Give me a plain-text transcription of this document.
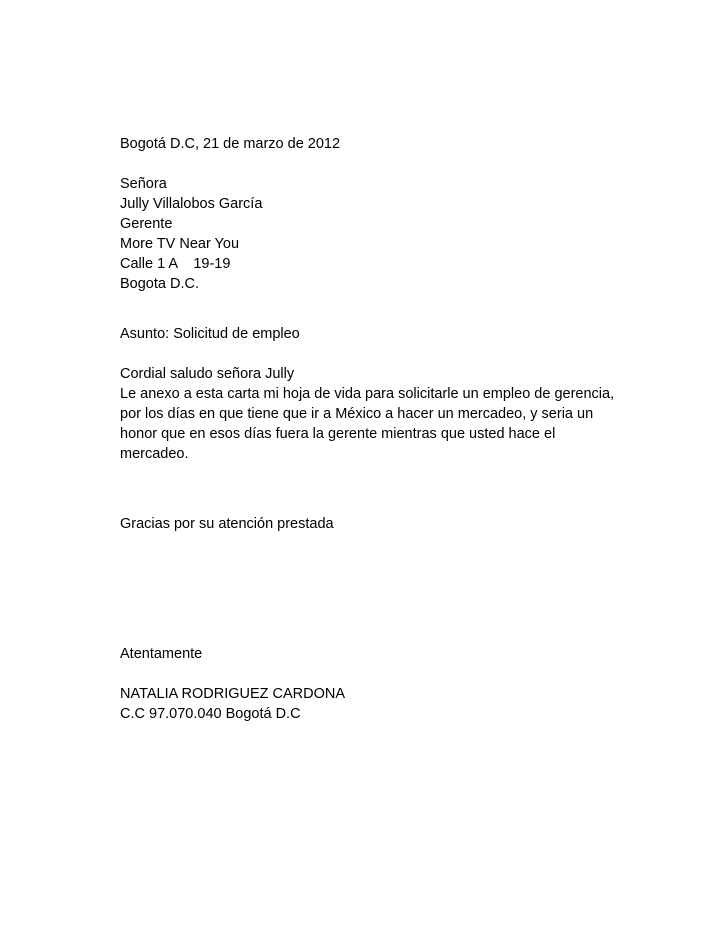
Bogotá D.C, 21 de marzo de 2012
Señora
Jully Villalobos García
Gerente
More TV Near You
Calle 1 A    19-19
Bogota D.C.
Asunto: Solicitud de empleo
Cordial saludo señora Jully
Le anexo a esta carta mi hoja de vida para solicitarle un empleo de gerencia,
por los días en que tiene que ir a México a hacer un mercadeo, y seria un
honor que en esos días fuera la gerente mientras que usted hace el
mercadeo.
Gracias por su atención prestada
Atentamente
NATALIA RODRIGUEZ CARDONA
C.C 97.070.040 Bogotá D.C
